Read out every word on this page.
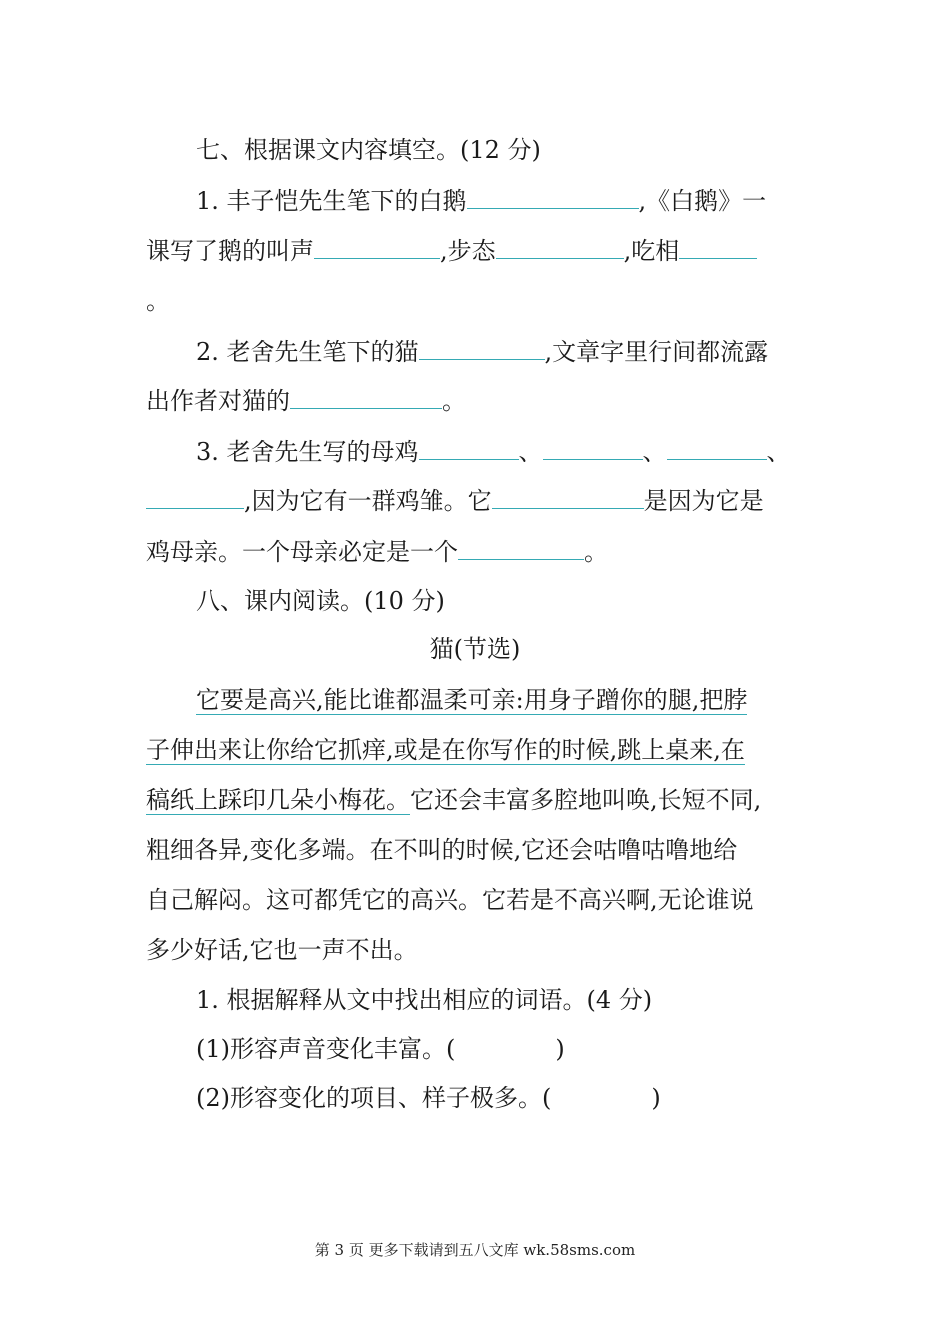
七、根据课文内容填空。(12 分)
1. 丰子恺先生笔下的白鹅	,《白鹅》一
课写了鹅的叫声	,步态	,吃相
。
2. 老舍先生笔下的猫	,文章字里行间都流露
出作者对猫的	。
3. 老舍先生写的母鸡	、	、	、
,因为它有一群鸡雏。它	是因为它是
鸡母亲。一个母亲必定是一个	。
八、课内阅读。(10 分)
猫(节选)
它要是高兴,能比谁都温柔可亲:用身子蹭你的腿,把脖
子伸出来让你给它抓痒,或是在你写作的时候,跳上桌来,在
稿纸上踩印几朵小梅花。它还会丰富多腔地叫唤,长短不同,
粗细各异,变化多端。在不叫的时候,它还会咕噜咕噜地给
自己解闷。这可都凭它的高兴。它若是不高兴啊,无论谁说
多少好话,它也一声不出。
1. 根据解释从文中找出相应的词语。(4 分)
(1)形容声音变化丰富。(	)
(2)形容变化的项目、样子极多。(	)
第 3 页 更多下载请到五八文库 wk.58sms.com
